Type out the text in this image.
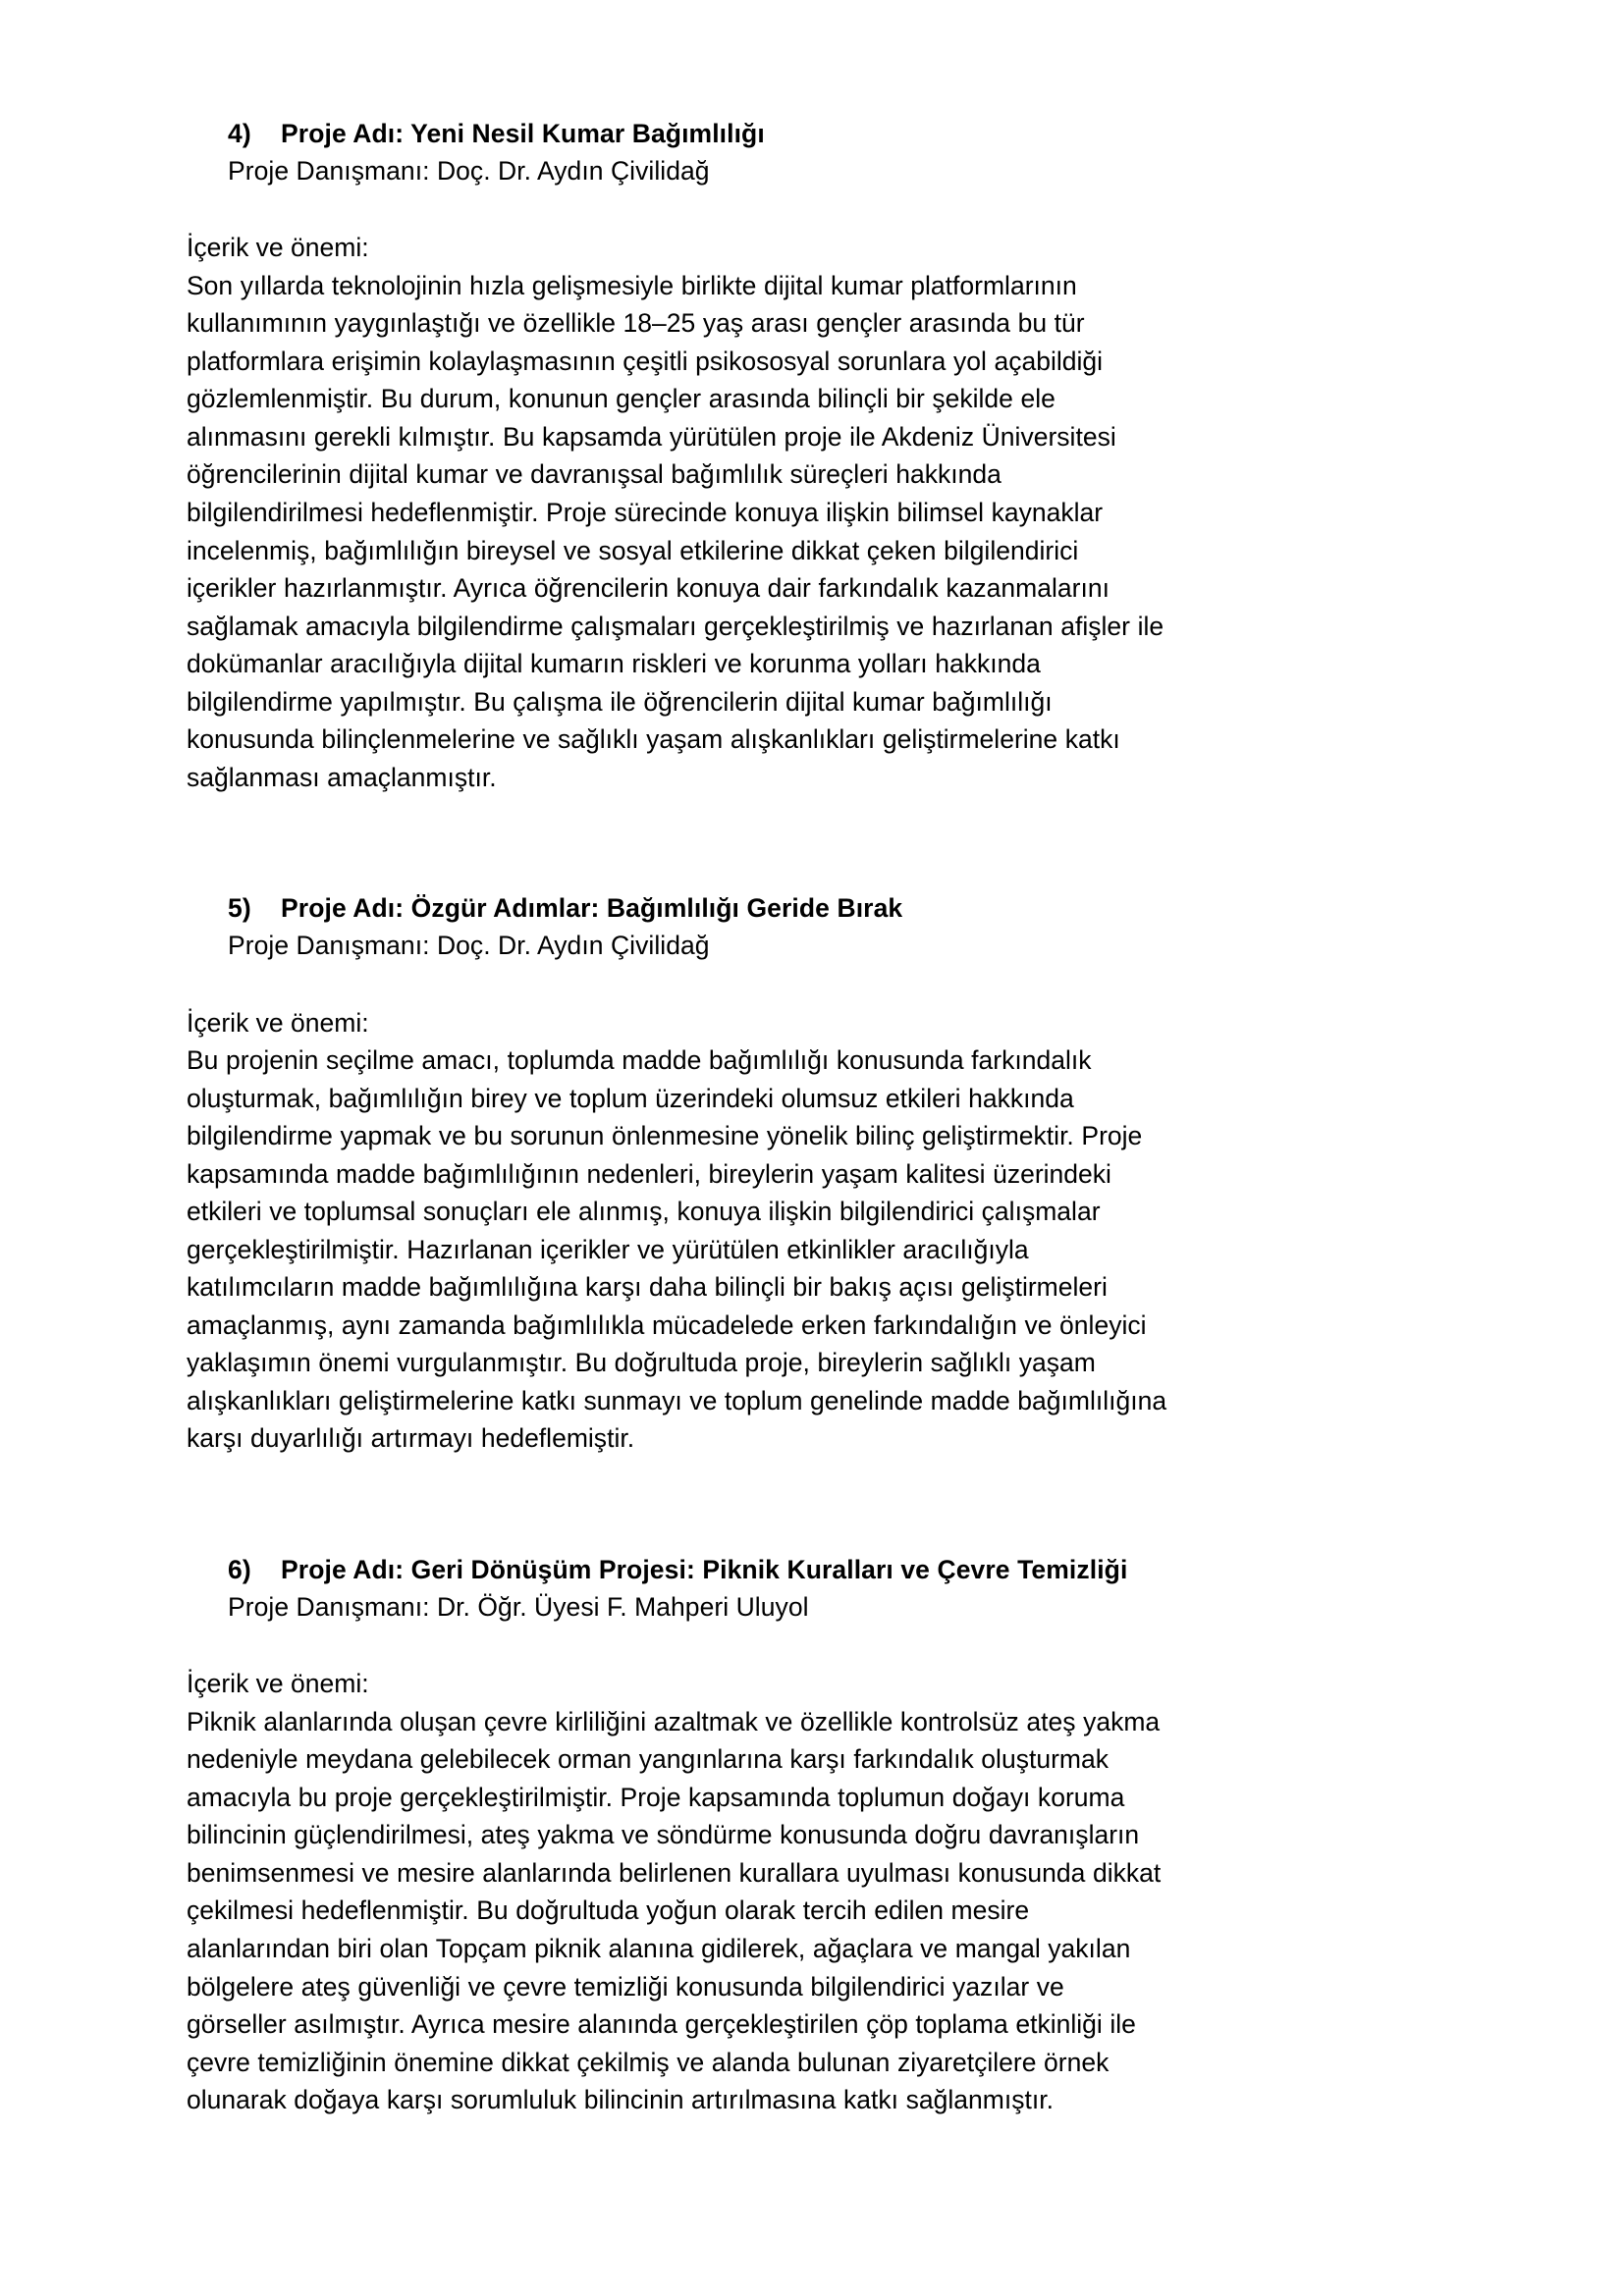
4)	Proje Adı: Yeni Nesil Kumar Bağımlılığı
Proje Danışmanı: Doç. Dr. Aydın Çivilidağ
İçerik ve önemi:

Son yıllarda teknolojinin hızla gelişmesiyle birlikte dijital kumar platformlarının kullanımının yaygınlaştığı ve özellikle 18–25 yaş arası gençler arasında bu tür platformlara erişimin kolaylaşmasının çeşitli psikososyal sorunlara yol açabildiği gözlemlenmiştir. Bu durum, konunun gençler arasında bilinçli bir şekilde ele alınmasını gerekli kılmıştır. Bu kapsamda yürütülen proje ile Akdeniz Üniversitesi öğrencilerinin dijital kumar ve davranışsal bağımlılık süreçleri hakkında bilgilendirilmesi hedeflenmiştir. Proje sürecinde konuya ilişkin bilimsel kaynaklar incelenmiş, bağımlılığın bireysel ve sosyal etkilerine dikkat çeken bilgilendirici içerikler hazırlanmıştır. Ayrıca öğrencilerin konuya dair farkındalık kazanmalarını sağlamak amacıyla bilgilendirme çalışmaları gerçekleştirilmiş ve hazırlanan afişler ile dokümanlar aracılığıyla dijital kumarın riskleri ve korunma yolları hakkında bilgilendirme yapılmıştır. Bu çalışma ile öğrencilerin dijital kumar bağımlılığı konusunda bilinçlenmelerine ve sağlıklı yaşam alışkanlıkları geliştirmelerine katkı sağlanması amaçlanmıştır.

5)	Proje Adı: Özgür Adımlar: Bağımlılığı Geride Bırak
Proje Danışmanı: Doç. Dr. Aydın Çivilidağ
İçerik ve önemi:

Bu projenin seçilme amacı, toplumda madde bağımlılığı konusunda farkındalık oluşturmak, bağımlılığın birey ve toplum üzerindeki olumsuz etkileri hakkında bilgilendirme yapmak ve bu sorunun önlenmesine yönelik bilinç geliştirmektir. Proje kapsamında madde bağımlılığının nedenleri, bireylerin yaşam kalitesi üzerindeki etkileri ve toplumsal sonuçları ele alınmış, konuya ilişkin bilgilendirici çalışmalar gerçekleştirilmiştir. Hazırlanan içerikler ve yürütülen etkinlikler aracılığıyla katılımcıların madde bağımlılığına karşı daha bilinçli bir bakış açısı geliştirmeleri amaçlanmış, aynı zamanda bağımlılıkla mücadelede erken farkındalığın ve önleyici yaklaşımın önemi vurgulanmıştır. Bu doğrultuda proje, bireylerin sağlıklı yaşam alışkanlıkları geliştirmelerine katkı sunmayı ve toplum genelinde madde bağımlılığına karşı duyarlılığı artırmayı hedeflemiştir.

6)	Proje Adı: Geri Dönüşüm Projesi: Piknik Kuralları ve Çevre Temizliği
Proje Danışmanı: Dr. Öğr. Üyesi F. Mahperi Uluyol
İçerik ve önemi:

Piknik alanlarında oluşan çevre kirliliğini azaltmak ve özellikle kontrolsüz ateş yakma nedeniyle meydana gelebilecek orman yangınlarına karşı farkındalık oluşturmak amacıyla bu proje gerçekleştirilmiştir. Proje kapsamında toplumun doğayı koruma bilincinin güçlendirilmesi, ateş yakma ve söndürme konusunda doğru davranışların benimsenmesi ve mesire alanlarında belirlenen kurallara uyulması konusunda dikkat çekilmesi hedeflenmiştir. Bu doğrultuda yoğun olarak tercih edilen mesire alanlarından biri olan Topçam piknik alanına gidilerek, ağaçlara ve mangal yakılan bölgelere ateş güvenliği ve çevre temizliği konusunda bilgilendirici yazılar ve görseller asılmıştır. Ayrıca mesire alanında gerçekleştirilen çöp toplama etkinliği ile çevre temizliğinin önemine dikkat çekilmiş ve alanda bulunan ziyaretçilere örnek olunarak doğaya karşı sorumluluk bilincinin artırılmasına katkı sağlanmıştır.
